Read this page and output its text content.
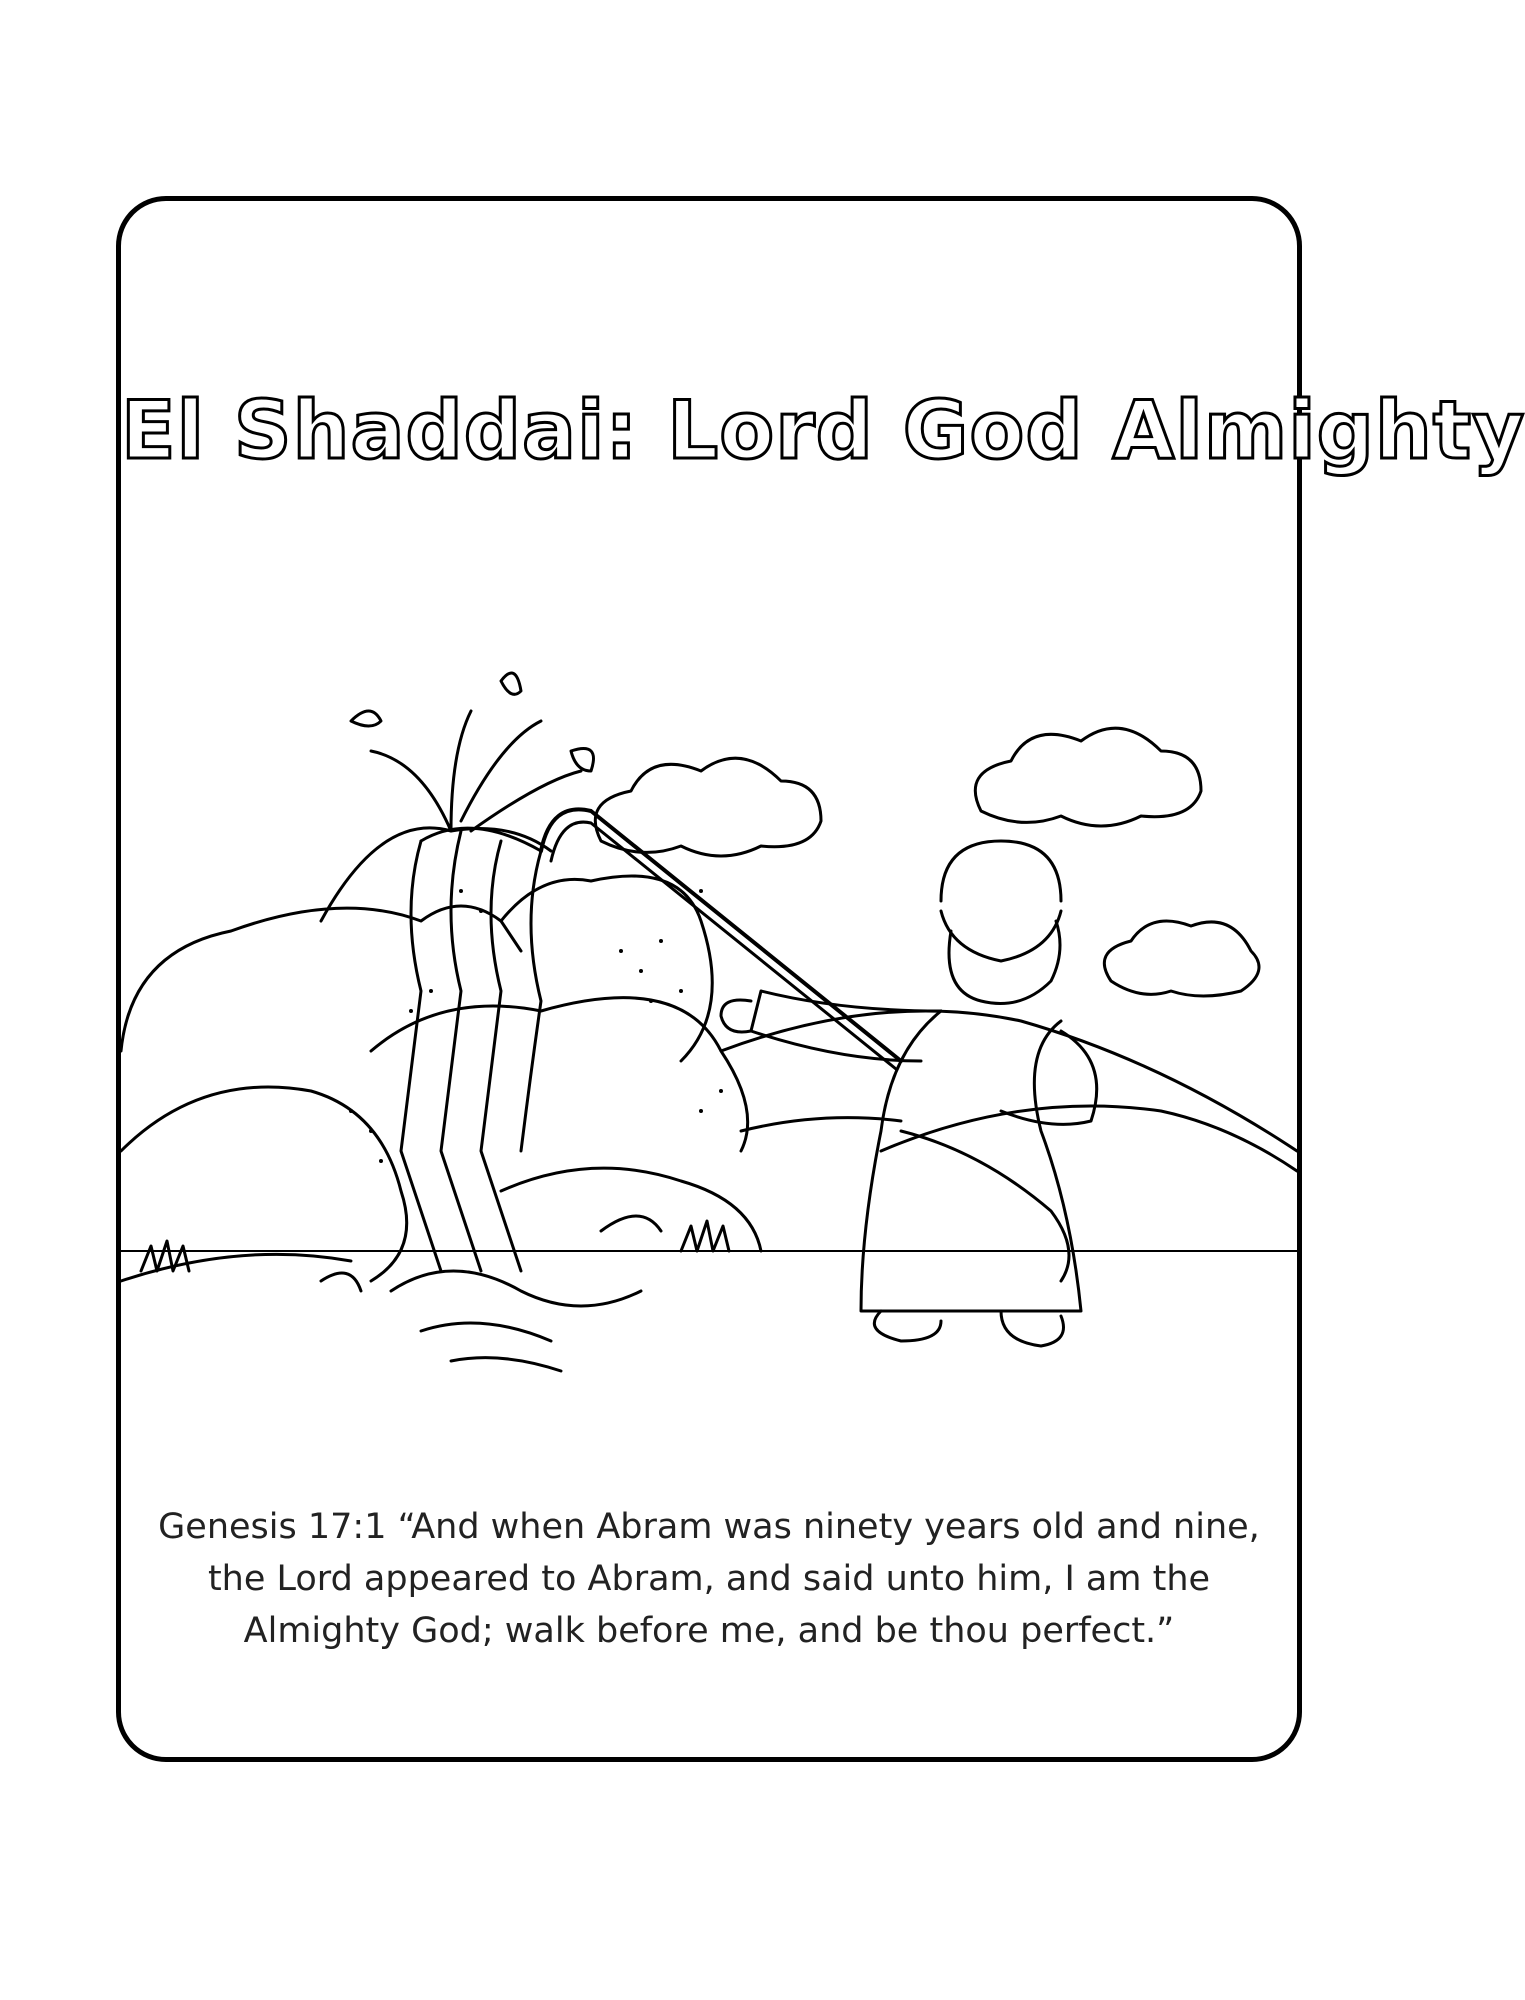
El Shaddai: Lord God Almighty

Genesis 17:1 “And when Abram was ninety years old and nine,
the Lord appeared to Abram, and said unto him, I am the
Almighty God; walk before me, and be thou perfect.”
